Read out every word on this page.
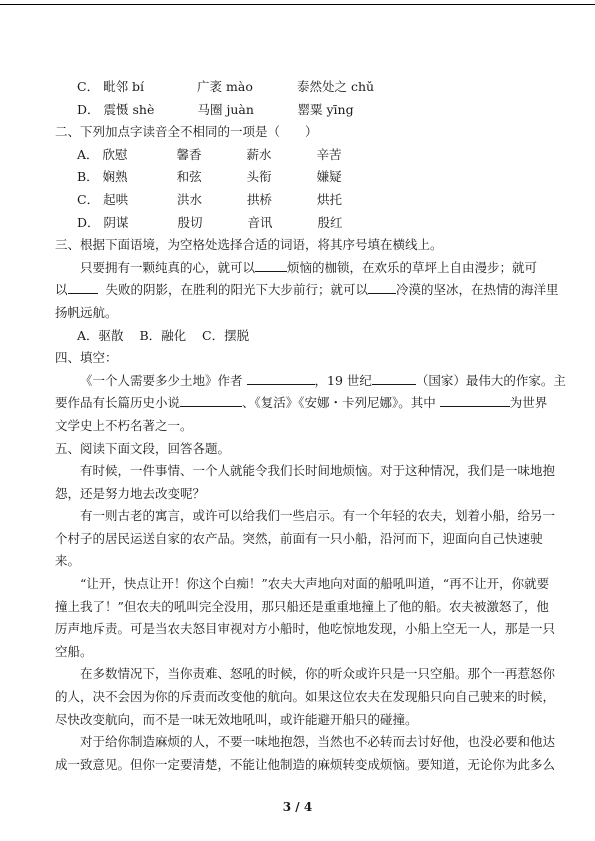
C． 毗邻 bí	广袤 mào	泰然处之 chǔ
D． 震慑 shè	马圈 juàn	罂粟 yīng
二、下列加点字读音全不相同的一项是（　　）
A． 欣慰	馨香	薪水	辛苦
B． 娴熟	和弦	头衔	嫌疑
C． 起哄	洪水	拱桥	烘托
D． 阴谋	殷切	音讯	殷红
三、根据下面语境，为空格处选择合适的词语，将其序号填在横线上。
只要拥有一颗纯真的心，就可以	烦恼的枷锁，在欢乐的草坪上自由漫步；就可
以	失败的阴影，在胜利的阳光下大步前行；就可以 冷漠的坚冰，在热情的海洋里
扬帆远航。
A．驱散 B．融化 C．摆脱
四、填空：
《一个人需要多少土地》作者	，19 世纪	（国家）最伟大的作家。主
要作品有长篇历史小说	、《复活》《安娜・卡列尼娜》。其中	为世界
文学史上不朽名著之一。
五、阅读下面文段，回答各题。
有时候，一件事情、一个人就能令我们长时间地烦恼。对于这种情况，我们是一味地抱
怨，还是努力地去改变呢？
有一则古老的寓言，或许可以给我们一些启示。有一个年轻的农夫，划着小船，给另一
个村子的居民运送自家的农产品。突然，前面有一只小船，沿河而下，迎面向自己快速驶
来。
“让开，快点让开！你这个白痴！”农夫大声地向对面的船吼叫道，“再不让开，你就要
撞上我了！”但农夫的吼叫完全没用，那只船还是重重地撞上了他的船。农夫被激怒了，他
厉声地斥责。可是当农夫怒目审视对方小船时，他吃惊地发现，小船上空无一人，那是一只
空船。
在多数情况下，当你责难、怒吼的时候，你的听众或许只是一只空船。那个一再惹怒你
的人，决不会因为你的斥责而改变他的航向。如果这位农夫在发现船只向自己驶来的时候，
尽快改变航向，而不是一味无效地吼叫，或许能避开船只的碰撞。
对于给你制造麻烦的人，不要一味地抱怨，当然也不必转而去讨好他，也没必要和他达
成一致意见。但你一定要清楚，不能让他制造的麻烦转变成烦恼。要知道，无论你为此多么
3 / 4
